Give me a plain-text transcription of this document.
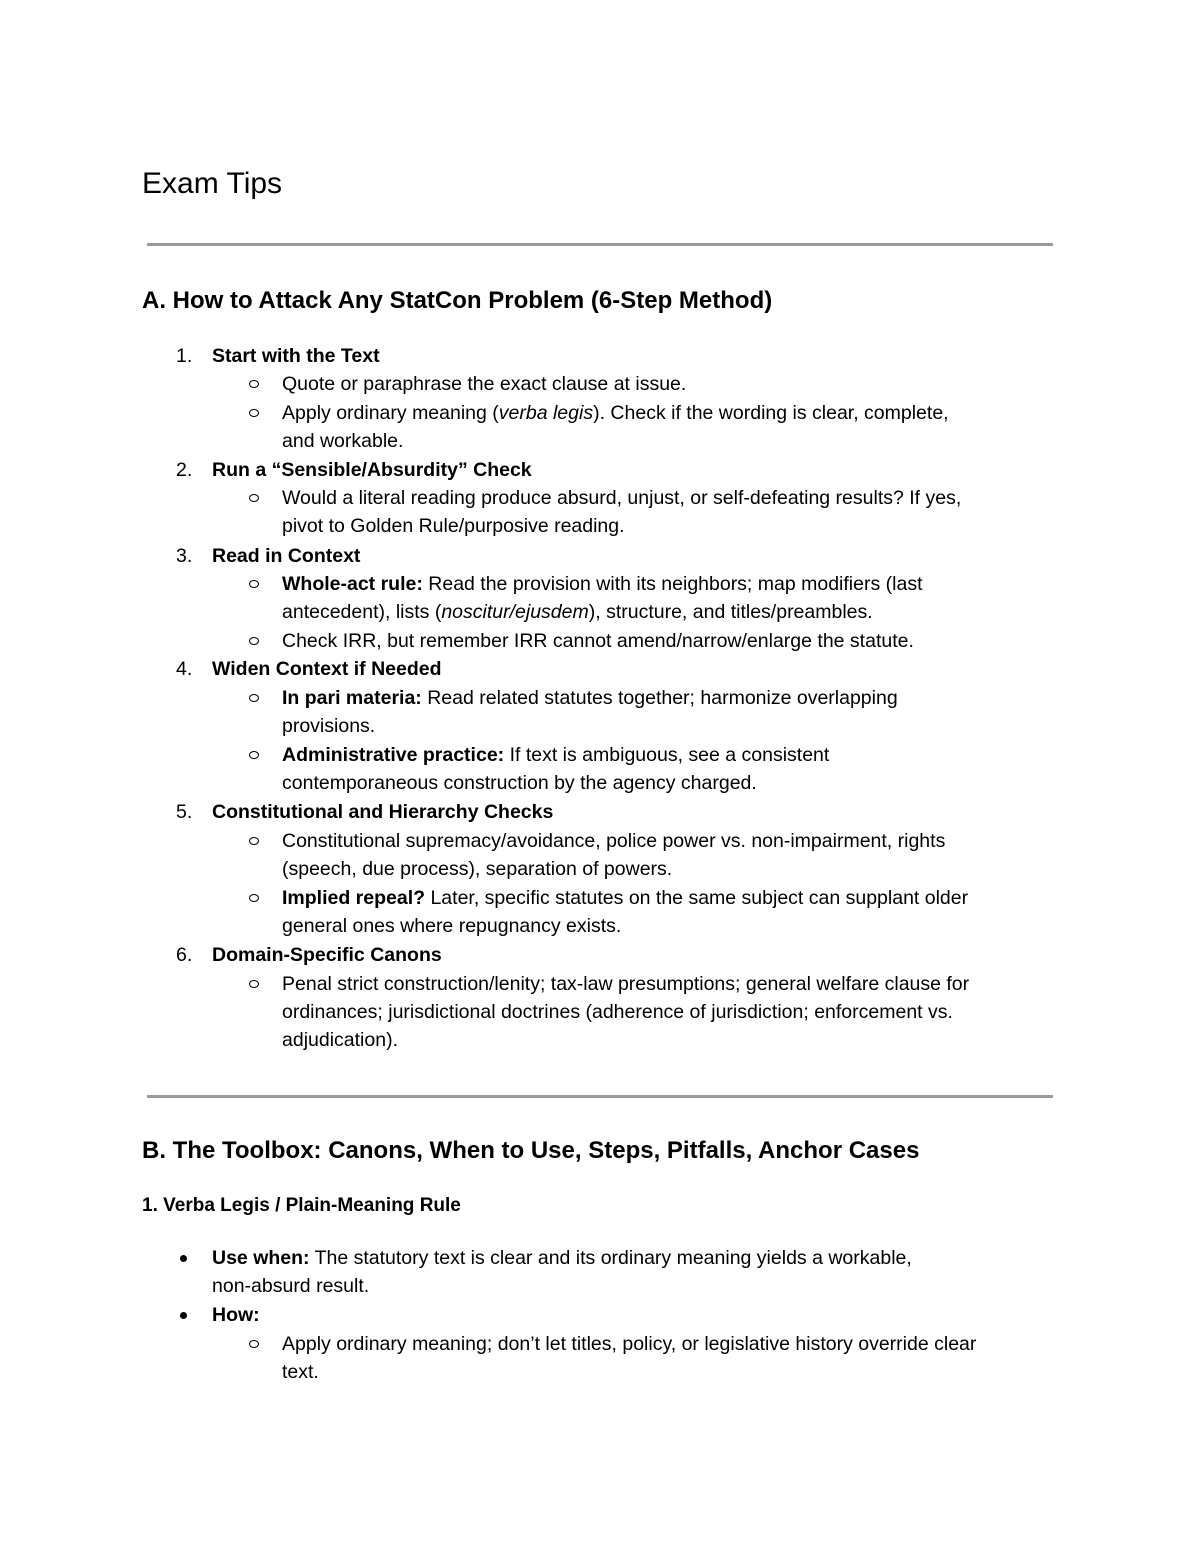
Exam Tips
A. How to Attack Any StatCon Problem (6-Step Method)
1. Start with the Text
Quote or paraphrase the exact clause at issue.
Apply ordinary meaning (verba legis). Check if the wording is clear, complete,
and workable.
2. Run a “Sensible/Absurdity” Check
Would a literal reading produce absurd, unjust, or self-defeating results? If yes,
pivot to Golden Rule/purposive reading.
3. Read in Context
Whole-act rule: Read the provision with its neighbors; map modifiers (last
antecedent), lists (noscitur/ejusdem), structure, and titles/preambles.
Check IRR, but remember IRR cannot amend/narrow/enlarge the statute.
4. Widen Context if Needed
In pari materia: Read related statutes together; harmonize overlapping
provisions.
Administrative practice: If text is ambiguous, see a consistent
contemporaneous construction by the agency charged.
5. Constitutional and Hierarchy Checks
Constitutional supremacy/avoidance, police power vs. non-impairment, rights
(speech, due process), separation of powers.
Implied repeal? Later, specific statutes on the same subject can supplant older
general ones where repugnancy exists.
6. Domain-Specific Canons
Penal strict construction/lenity; tax-law presumptions; general welfare clause for
ordinances; jurisdictional doctrines (adherence of jurisdiction; enforcement vs.
adjudication).
B. The Toolbox: Canons, When to Use, Steps, Pitfalls, Anchor Cases
1. Verba Legis / Plain-Meaning Rule
Use when: The statutory text is clear and its ordinary meaning yields a workable,
non-absurd result.
How:
Apply ordinary meaning; don’t let titles, policy, or legislative history override clear
text.
